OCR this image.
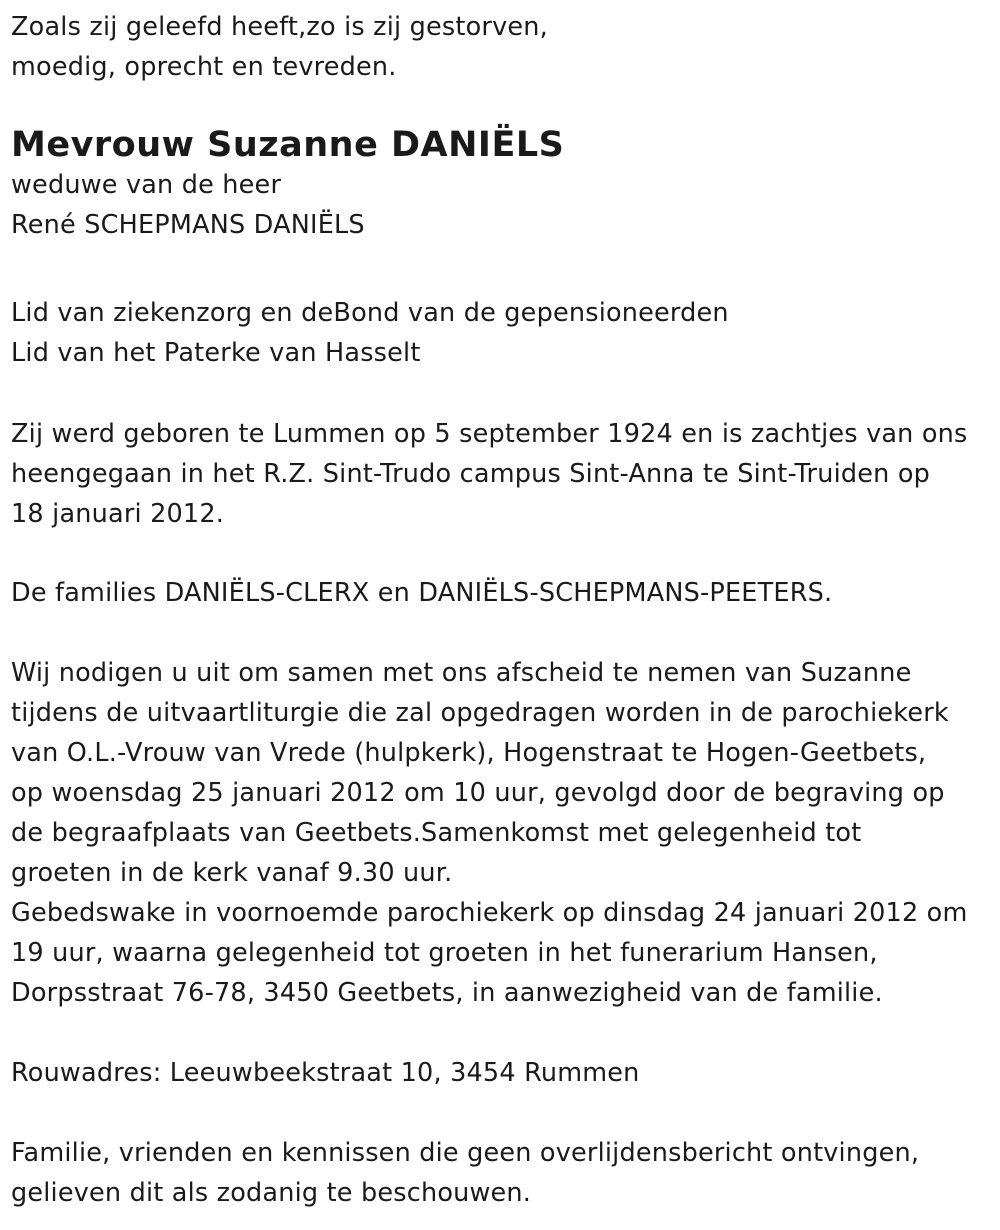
Zoals zij geleefd heeft,zo is zij gestorven,
moedig, oprecht en tevreden.
Mevrouw Suzanne DANIËLS
weduwe van de heer
René SCHEPMANS DANIËLS
Lid van ziekenzorg en deBond van de gepensioneerden
Lid van het Paterke van Hasselt
Zij werd geboren te Lummen op 5 september 1924 en is zachtjes van ons
heengegaan in het R.Z. Sint-Trudo campus Sint-Anna te Sint-Truiden op
18 januari 2012.
De families DANIËLS-CLERX en DANIËLS-SCHEPMANS-PEETERS.
Wij nodigen u uit om samen met ons afscheid te nemen van Suzanne
tijdens de uitvaartliturgie die zal opgedragen worden in de parochiekerk
van O.L.-Vrouw van Vrede (hulpkerk), Hogenstraat te Hogen-Geetbets,
op woensdag 25 januari 2012 om 10 uur, gevolgd door de begraving op
de begraafplaats van Geetbets.Samenkomst met gelegenheid tot
groeten in de kerk vanaf 9.30 uur.
Gebedswake in voornoemde parochiekerk op dinsdag 24 januari 2012 om
19 uur, waarna gelegenheid tot groeten in het funerarium Hansen,
Dorpsstraat 76-78, 3450 Geetbets, in aanwezigheid van de familie.
Rouwadres: Leeuwbeekstraat 10, 3454 Rummen
Familie, vrienden en kennissen die geen overlijdensbericht ontvingen,
gelieven dit als zodanig te beschouwen.
